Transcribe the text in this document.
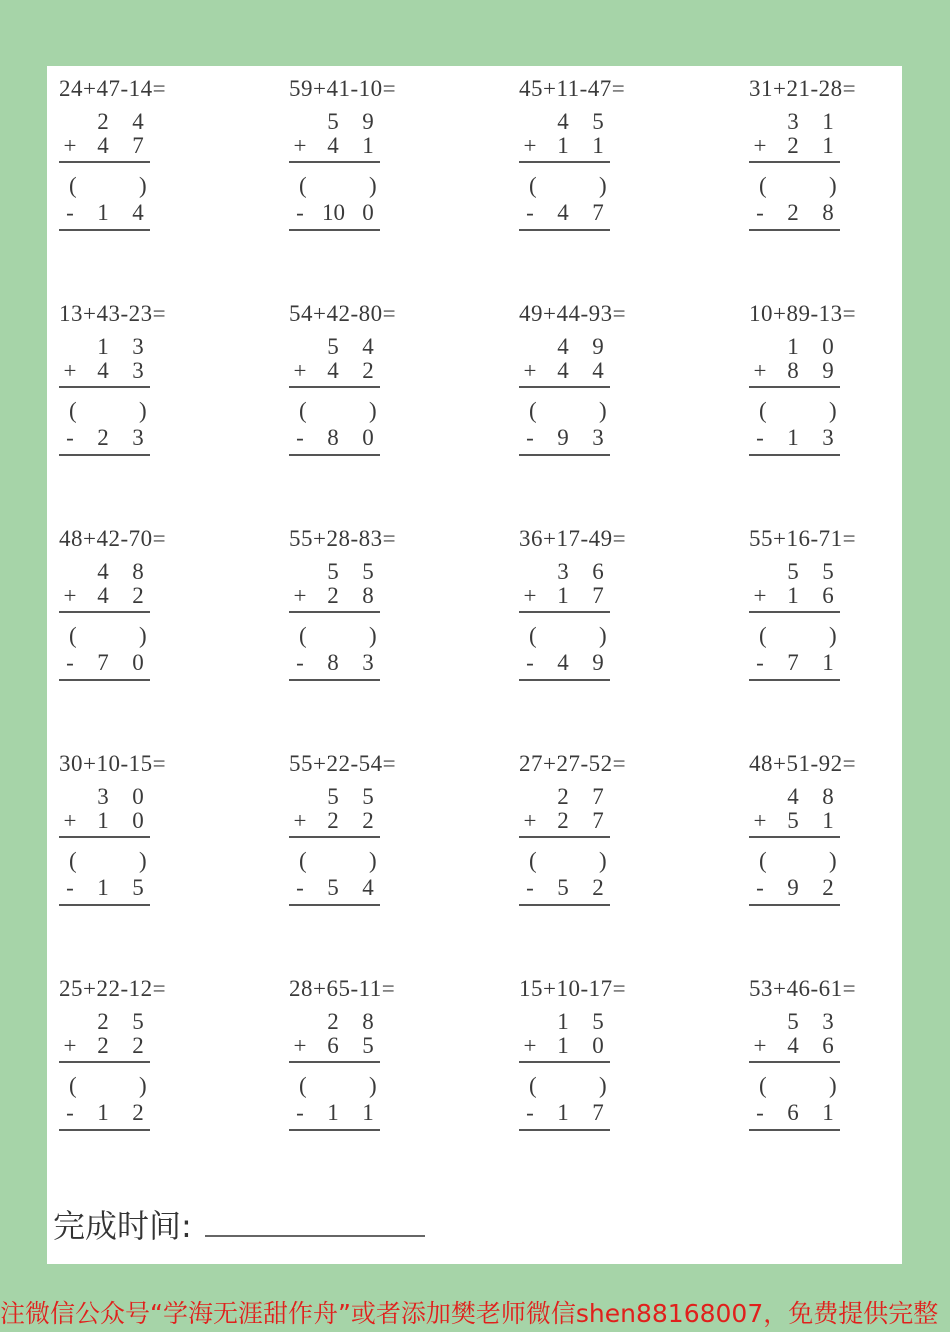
24+47-14=
2 4
+ 4 7
(	)
- 1 4
59+41-10=
5 9
+ 4 1
(	)
- 10 0
45+11-47=
4 5
+ 1 1
(	)
- 4 7
31+21-28=
3 1
+ 2 1
(	)
- 2 8
13+43-23=
1 3
+ 4 3
(	)
- 2 3
54+42-80=
5 4
+ 4 2
(	)
- 8 0
49+44-93=
4 9
+ 4 4
(	)
- 9 3
10+89-13=
1 0
+ 8 9
(	)
- 1 3
48+42-70=
4 8
+ 4 2
(	)
- 7 0
55+28-83=
5 5
+ 2 8
(	)
- 8 3
36+17-49=
3 6
+ 1 7
(	)
- 4 9
55+16-71=
5 5
+ 1 6
(	)
- 7 1
30+10-15=
3 0
+ 1 0
(	)
- 1 5
55+22-54=
5 5
+ 2 2
(	)
- 5 4
27+27-52=
2 7
+ 2 7
(	)
- 5 2
48+51-92=
4 8
+ 5 1
(	)
- 9 2
25+22-12=
2 5
+ 2 2
(	)
- 1 2
28+65-11=
2 8
+ 6 5
(	)
- 1 1
15+10-17=
1 5
+ 1 0
(	)
- 1 7
53+46-61=
5 3
+ 4 6
(	)
- 6 1
完成时间:
注微信公众号“学海无涯甜作舟”或者添加樊老师微信shen88168007，免费提供完整
